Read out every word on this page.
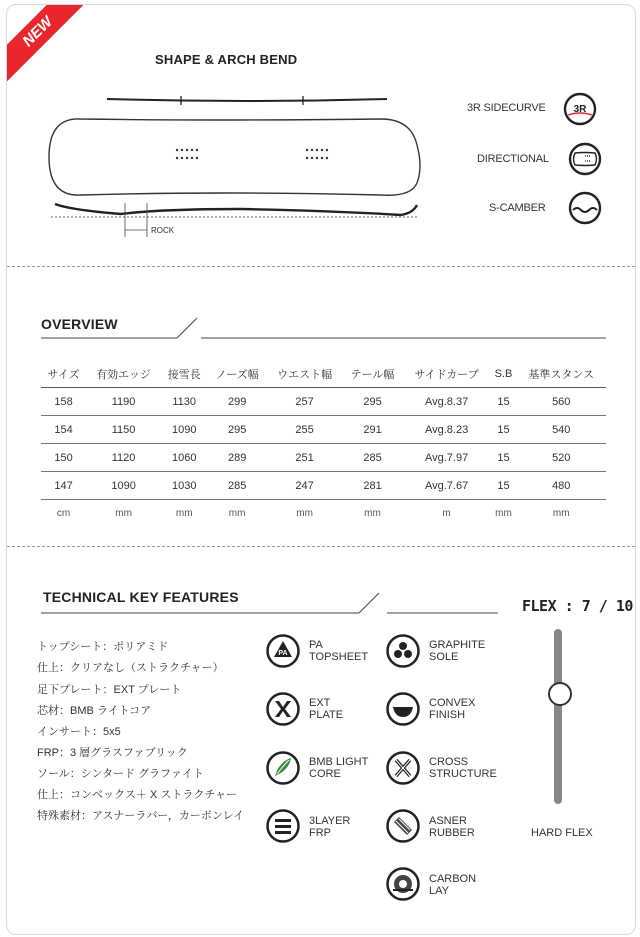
NEW
SHAPE & ARCH BEND
ROCK
3R SIDECURVE	3R
DIRECTIONAL
S-CAMBER
OVERVIEW
サイズ	有効エッジ	接雪長	ノーズ幅	ウエスト幅	テール幅	サイドカーブ	S.B	基準スタンス
158	1190	1130	299	257	295	Avg.8.37	15	560
154	1150	1090	295	255	291	Avg.8.23	15	540
150	1120	1060	289	251	285	Avg.7.97	15	520
147	1090	1030	285	247	281	Avg.7.67	15	480
cm	mm	mm	mm	mm	mm	m	mm	mm
TECHNICAL KEY FEATURES
トップシート：ポリアミド
仕上：クリアなし（ストラクチャー）
足下プレート：EXT プレート
芯材：BMB ライトコア
インサート：5x5
FRP：3 層グラスファブリック
ソール：シンタード グラファイト
仕上：コンベックス＋ X ストラクチャー
特殊素材：アスナーラバー，カーボンレイ
PA
PA
TOPSHEET
EXT
PLATE
BMB LIGHT
CORE
3LAYER
FRP
GRAPHITE
SOLE
CONVEX
FINISH
CROSS
STRUCTURE
ASNER
RUBBER
CARBON
LAY
FLEX : 7 / 10
HARD FLEX
